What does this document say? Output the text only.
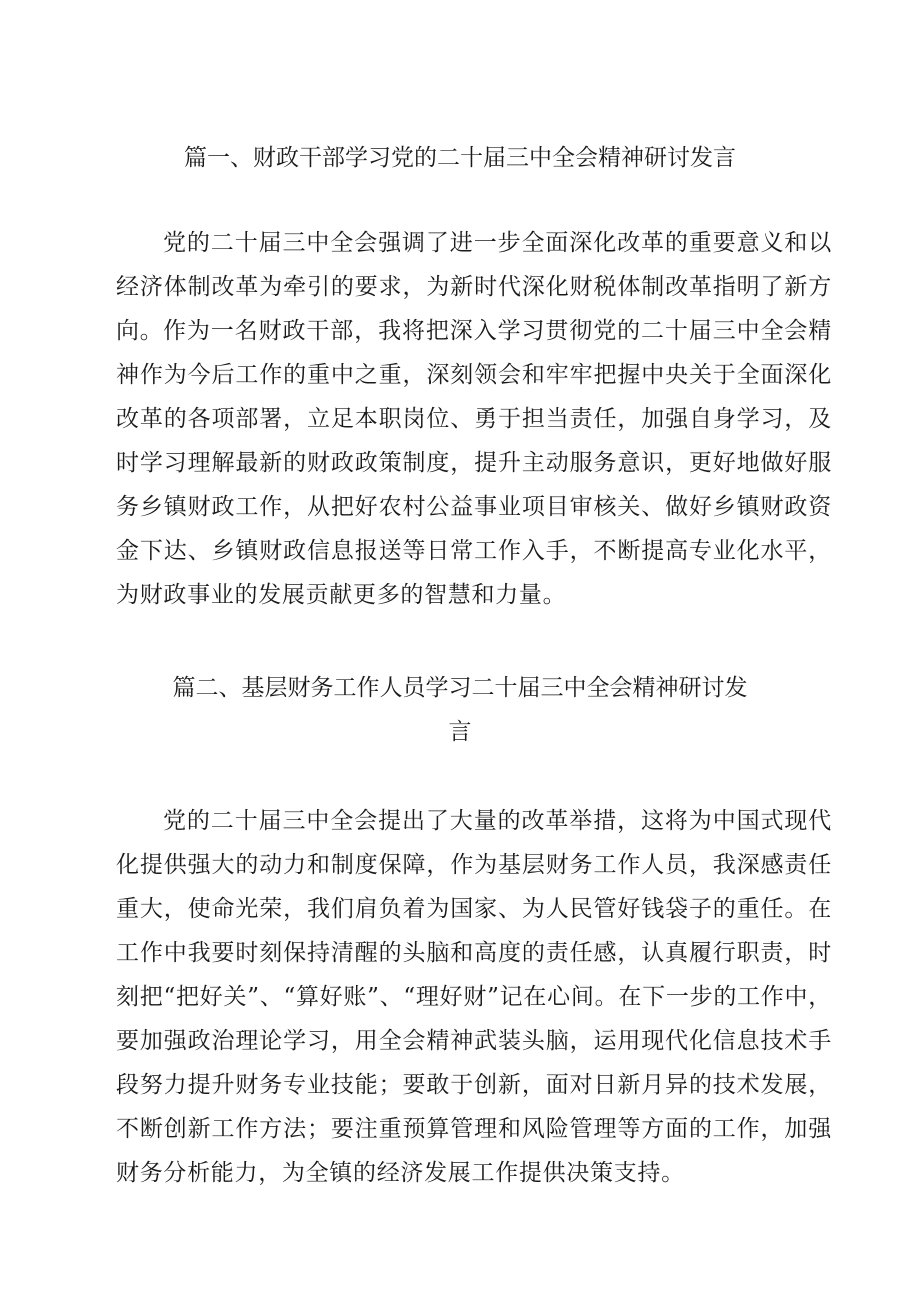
篇一、财政干部学习党的二十届三中全会精神研讨发言

党的二十届三中全会强调了进一步全面深化改革的重要意义和以经济体制改革为牵引的要求，为新时代深化财税体制改革指明了新方向。 作为一名财政干部，我将把深入学习贯彻党的二十届三中全会精神作为今后工作的重中之重，深刻领会和牢牢把握中央关于全面深化改革的各项部署，立足本职岗位、勇于担当责任，加强自身学习，及时学习理解最新的财政政策制度，提升主动服务意识，更好地做好服务乡镇财政工作，从把好农村公益事业项目审核关、做好乡镇财政资金下达、乡镇财政信息报送等日常工作入手，不断提高专业化水平，为财政事业的发展贡献更多的智慧和力量。

篇二、基层财务工作人员学习二十届三中全会精神研讨发
言

党的二十届三中全会提出了大量的改革举措，这将为中国式现代化提供强大的动力和制度保障，作为基层财务工作人员，我深感责任重大，使命光荣，我们肩负着为国家、为人民管好钱袋子的重任。在工作中我要时刻保持清醒的头脑和高度的责任感，认真履行职责，时刻把“把好关”、“算好账”、“理好财”记在心间。在下一步的工作中，要加强政治理论学习，用全会精神武装头脑，运用现代化信息技术手段努力提升财务专业技能；要敢于创新，面对日新月异的技术发展，不断创新工作方法；要注重预算管理和风险管理等方面的工作，加强财务分析能力，为全镇的经济发展工作提供决策支持。
